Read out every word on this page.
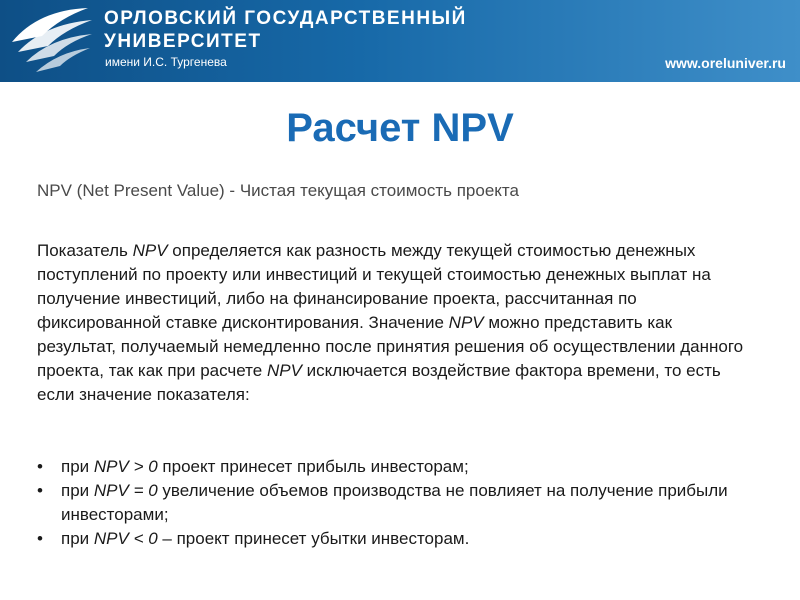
ОРЛОВСКИЙ ГОСУДАРСТВЕННЫЙ
УНИВЕРСИТЕТ
имени И.С. Тургенева	www.oreluniver.ru
Расчет NPV
NPV (Net Present Value) - Чистая текущая стоимость проекта

Показатель NPV определяется как разность между текущей стоимостью денежных поступлений по проекту или инвестиций и текущей стоимостью денежных выплат на получение инвестиций, либо на финансирование проекта, рассчитанная по фиксированной ставке дисконтирования. Значение NPV можно представить как результат, получаемый немедленно после принятия решения об осуществлении данного проекта, так как при расчете NPV исключается воздействие фактора времени, то есть если значение показателя:

• при NPV > 0 проект принесет прибыль инвесторам;
• при NPV = 0 увеличение объемов производства не повлияет на получение прибыли инвесторами;
• при NPV < 0 – проект принесет убытки инвесторам.
